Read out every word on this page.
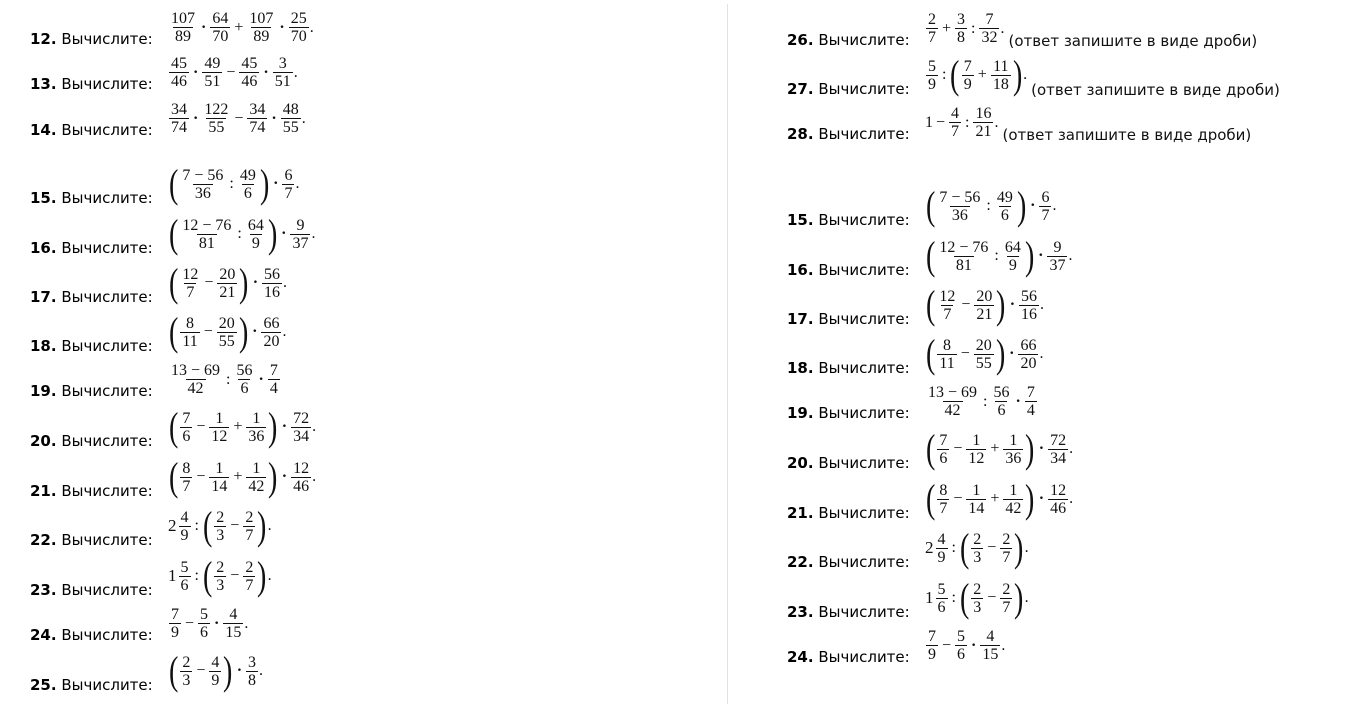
12. Вычислите:	$\frac{107}{89} \cdot \frac{64}{70} + \frac{107}{89} \cdot \frac{25}{70}$ .
13. Вычислите:	$\frac{45}{46} \cdot \frac{49}{51} - \frac{45}{46} \cdot \frac{3}{51}$ .
14. Вычислите:	$\frac{34}{74} \cdot \frac{122}{55} - \frac{34}{74} \cdot \frac{48}{55}$ .
15. Вычислите: ( $\frac{7 - 56}{36}$ : $\frac{49}{6}$ ) · $\frac{6}{7}$ .
16. Вычислите: ( $\frac{12 - 76}{81}$ : $\frac{64}{9}$ ) · $\frac{9}{37}$ .
17. Вычислите: ( $\frac{12}{7} - \frac{20}{21}$ ) · $\frac{56}{16}$ .
18. Вычислите: ( $\frac{8}{11} - \frac{20}{55}$ ) · $\frac{66}{20}$ .
19. Вычислите:	$\frac{13 - 69}{42}$ : $\frac{56}{6} \cdot \frac{7}{4}$
20. Вычислите: ( $\frac{7}{6} - \frac{1}{12} + \frac{1}{36}$ ) · $\frac{72}{34}$ .
21. Вычислите: ( $\frac{8}{7} - \frac{1}{14} + \frac{1}{42}$ ) · $\frac{12}{46}$ .
22. Вычислите:
$2 \frac{4}{9}$ : ( $\frac{2}{3} - \frac{2}{7}$ ) .
23. Вычислите:
$1 \frac{5}{6}$ : ( $\frac{2}{3} - \frac{2}{7}$ ) .
24. Вычислите:	$\frac{7}{9} - \frac{5}{6} \cdot \frac{4}{15}$ .
25. Вычислите: ( $\frac{2}{3} - \frac{4}{9}$ ) · $\frac{3}{8}$ .
26. Вычислите:	$\frac{2}{7} + \frac{3}{8}$ : $\frac{7}{32}$ .
(ответ запишите в виде дроби)
27. Вычислите:	$\frac{5}{9}$ : ( $\frac{7}{9} + \frac{11}{18}$ ) .
(ответ запишите в виде дроби)
28. Вычислите:
$1 - \frac{4}{7}$ : $\frac{16}{21}$ .
(ответ запишите в виде дроби)
15. Вычислите: ( $\frac{7 - 56}{36}$ : $\frac{49}{6}$ ) · $\frac{6}{7}$ .
16. Вычислите: ( $\frac{12 - 76}{81}$ : $\frac{64}{9}$ ) · $\frac{9}{37}$ .
17. Вычислите: ( $\frac{12}{7} - \frac{20}{21}$ ) · $\frac{56}{16}$ .
18. Вычислите: ( $\frac{8}{11} - \frac{20}{55}$ ) · $\frac{66}{20}$ .
19. Вычислите:	$\frac{13 - 69}{42}$ : $\frac{56}{6} \cdot \frac{7}{4}$
20. Вычислите: ( $\frac{7}{6} - \frac{1}{12} + \frac{1}{36}$ ) · $\frac{72}{34}$ .
21. Вычислите: ( $\frac{8}{7} - \frac{1}{14} + \frac{1}{42}$ ) · $\frac{12}{46}$ .
22. Вычислите:
$2 \frac{4}{9}$ : ( $\frac{2}{3} - \frac{2}{7}$ ) .
23. Вычислите:
$1 \frac{5}{6}$ : ( $\frac{2}{3} - \frac{2}{7}$ ) .
24. Вычислите:	$\frac{7}{9} - \frac{5}{6} \cdot \frac{4}{15}$ .
